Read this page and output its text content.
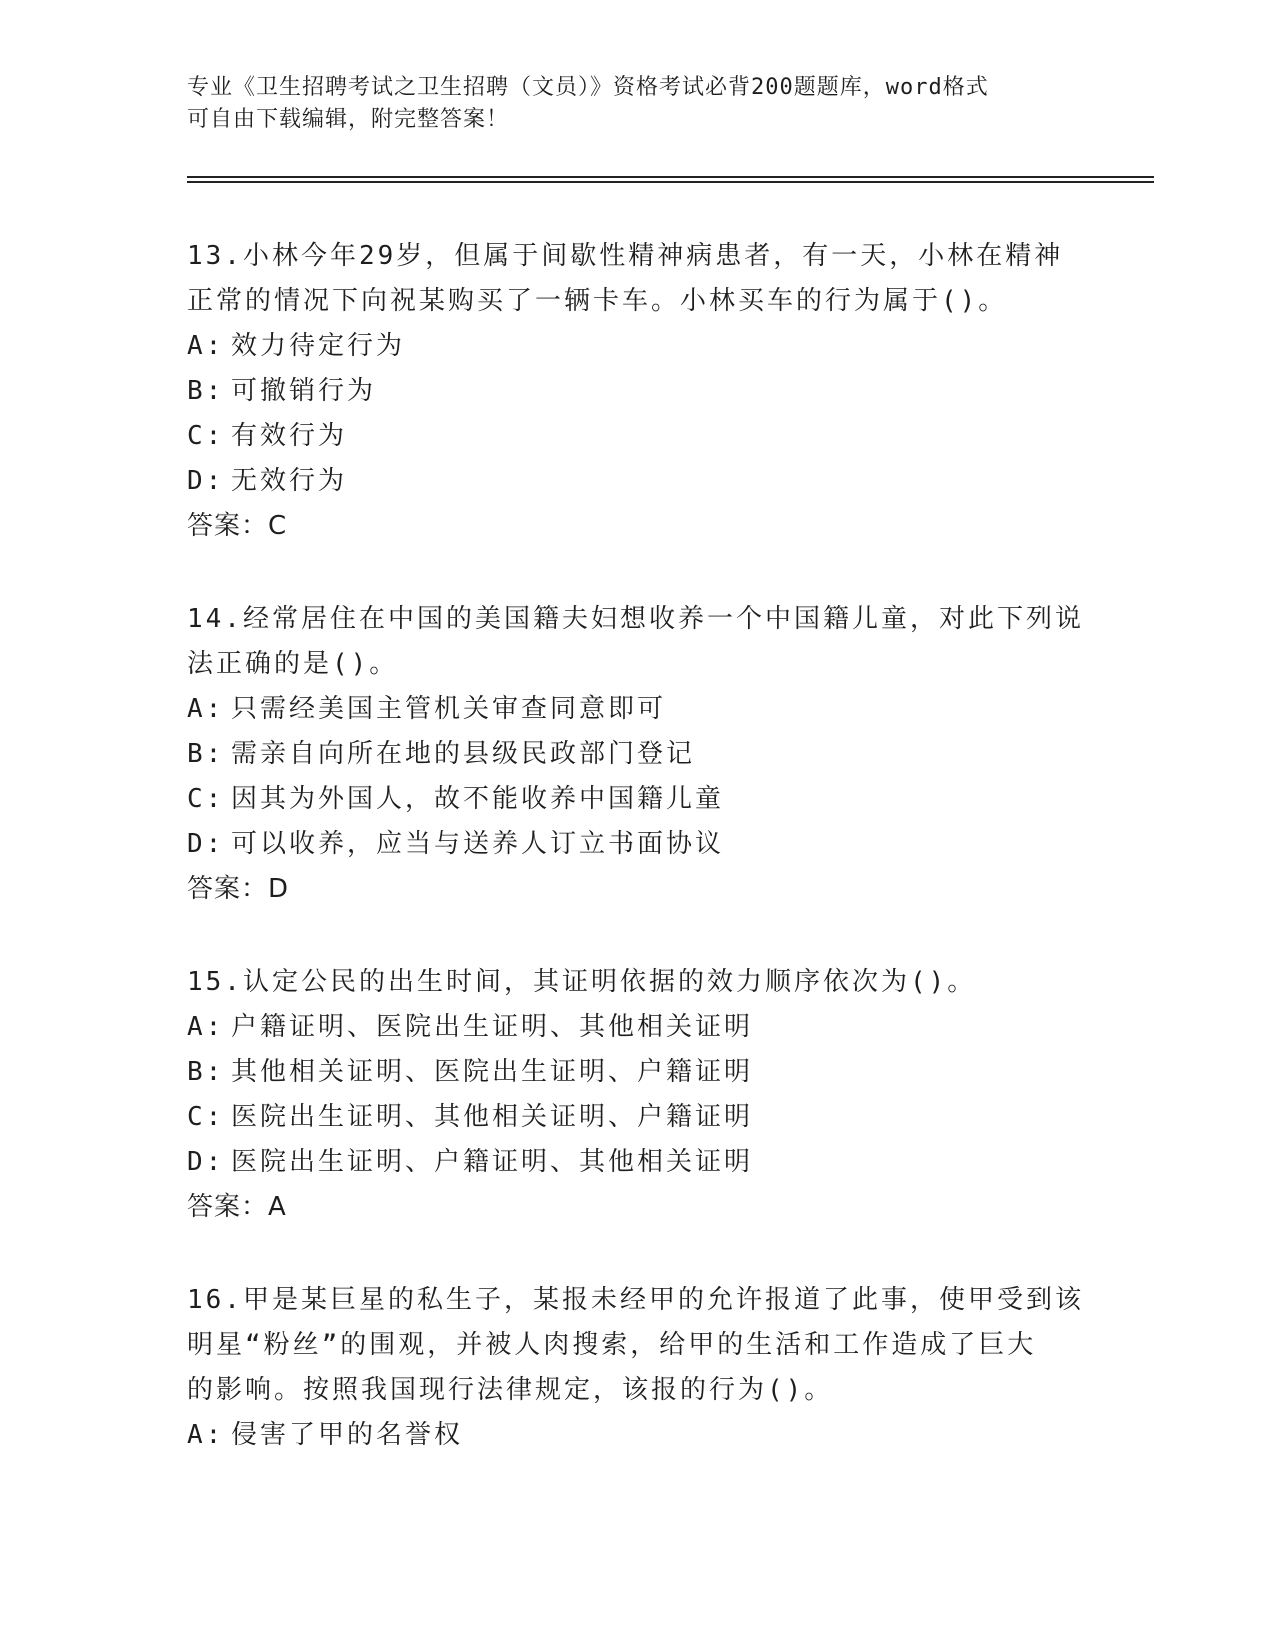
专业《卫生招聘考试之卫生招聘（文员）》资格考试必背200题题库，word格式
可自由下载编辑，附完整答案！
13.小林今年29岁，但属于间歇性精神病患者，有一天，小林在精神
正常的情况下向祝某购买了一辆卡车。小林买车的行为属于()。
A: 效力待定行为
B: 可撤销行为
C: 有效行为
D: 无效行为
答案：C
14.经常居住在中国的美国籍夫妇想收养一个中国籍儿童，对此下列说
法正确的是()。
A: 只需经美国主管机关审查同意即可
B: 需亲自向所在地的县级民政部门登记
C: 因其为外国人，故不能收养中国籍儿童
D: 可以收养，应当与送养人订立书面协议
答案：D
15.认定公民的出生时间，其证明依据的效力顺序依次为()。
A: 户籍证明、医院出生证明、其他相关证明
B: 其他相关证明、医院出生证明、户籍证明
C: 医院出生证明、其他相关证明、户籍证明
D: 医院出生证明、户籍证明、其他相关证明
答案：A
16.甲是某巨星的私生子，某报未经甲的允许报道了此事，使甲受到该
明星“粉丝”的围观，并被人肉搜索，给甲的生活和工作造成了巨大
的影响。按照我国现行法律规定，该报的行为()。
A: 侵害了甲的名誉权
